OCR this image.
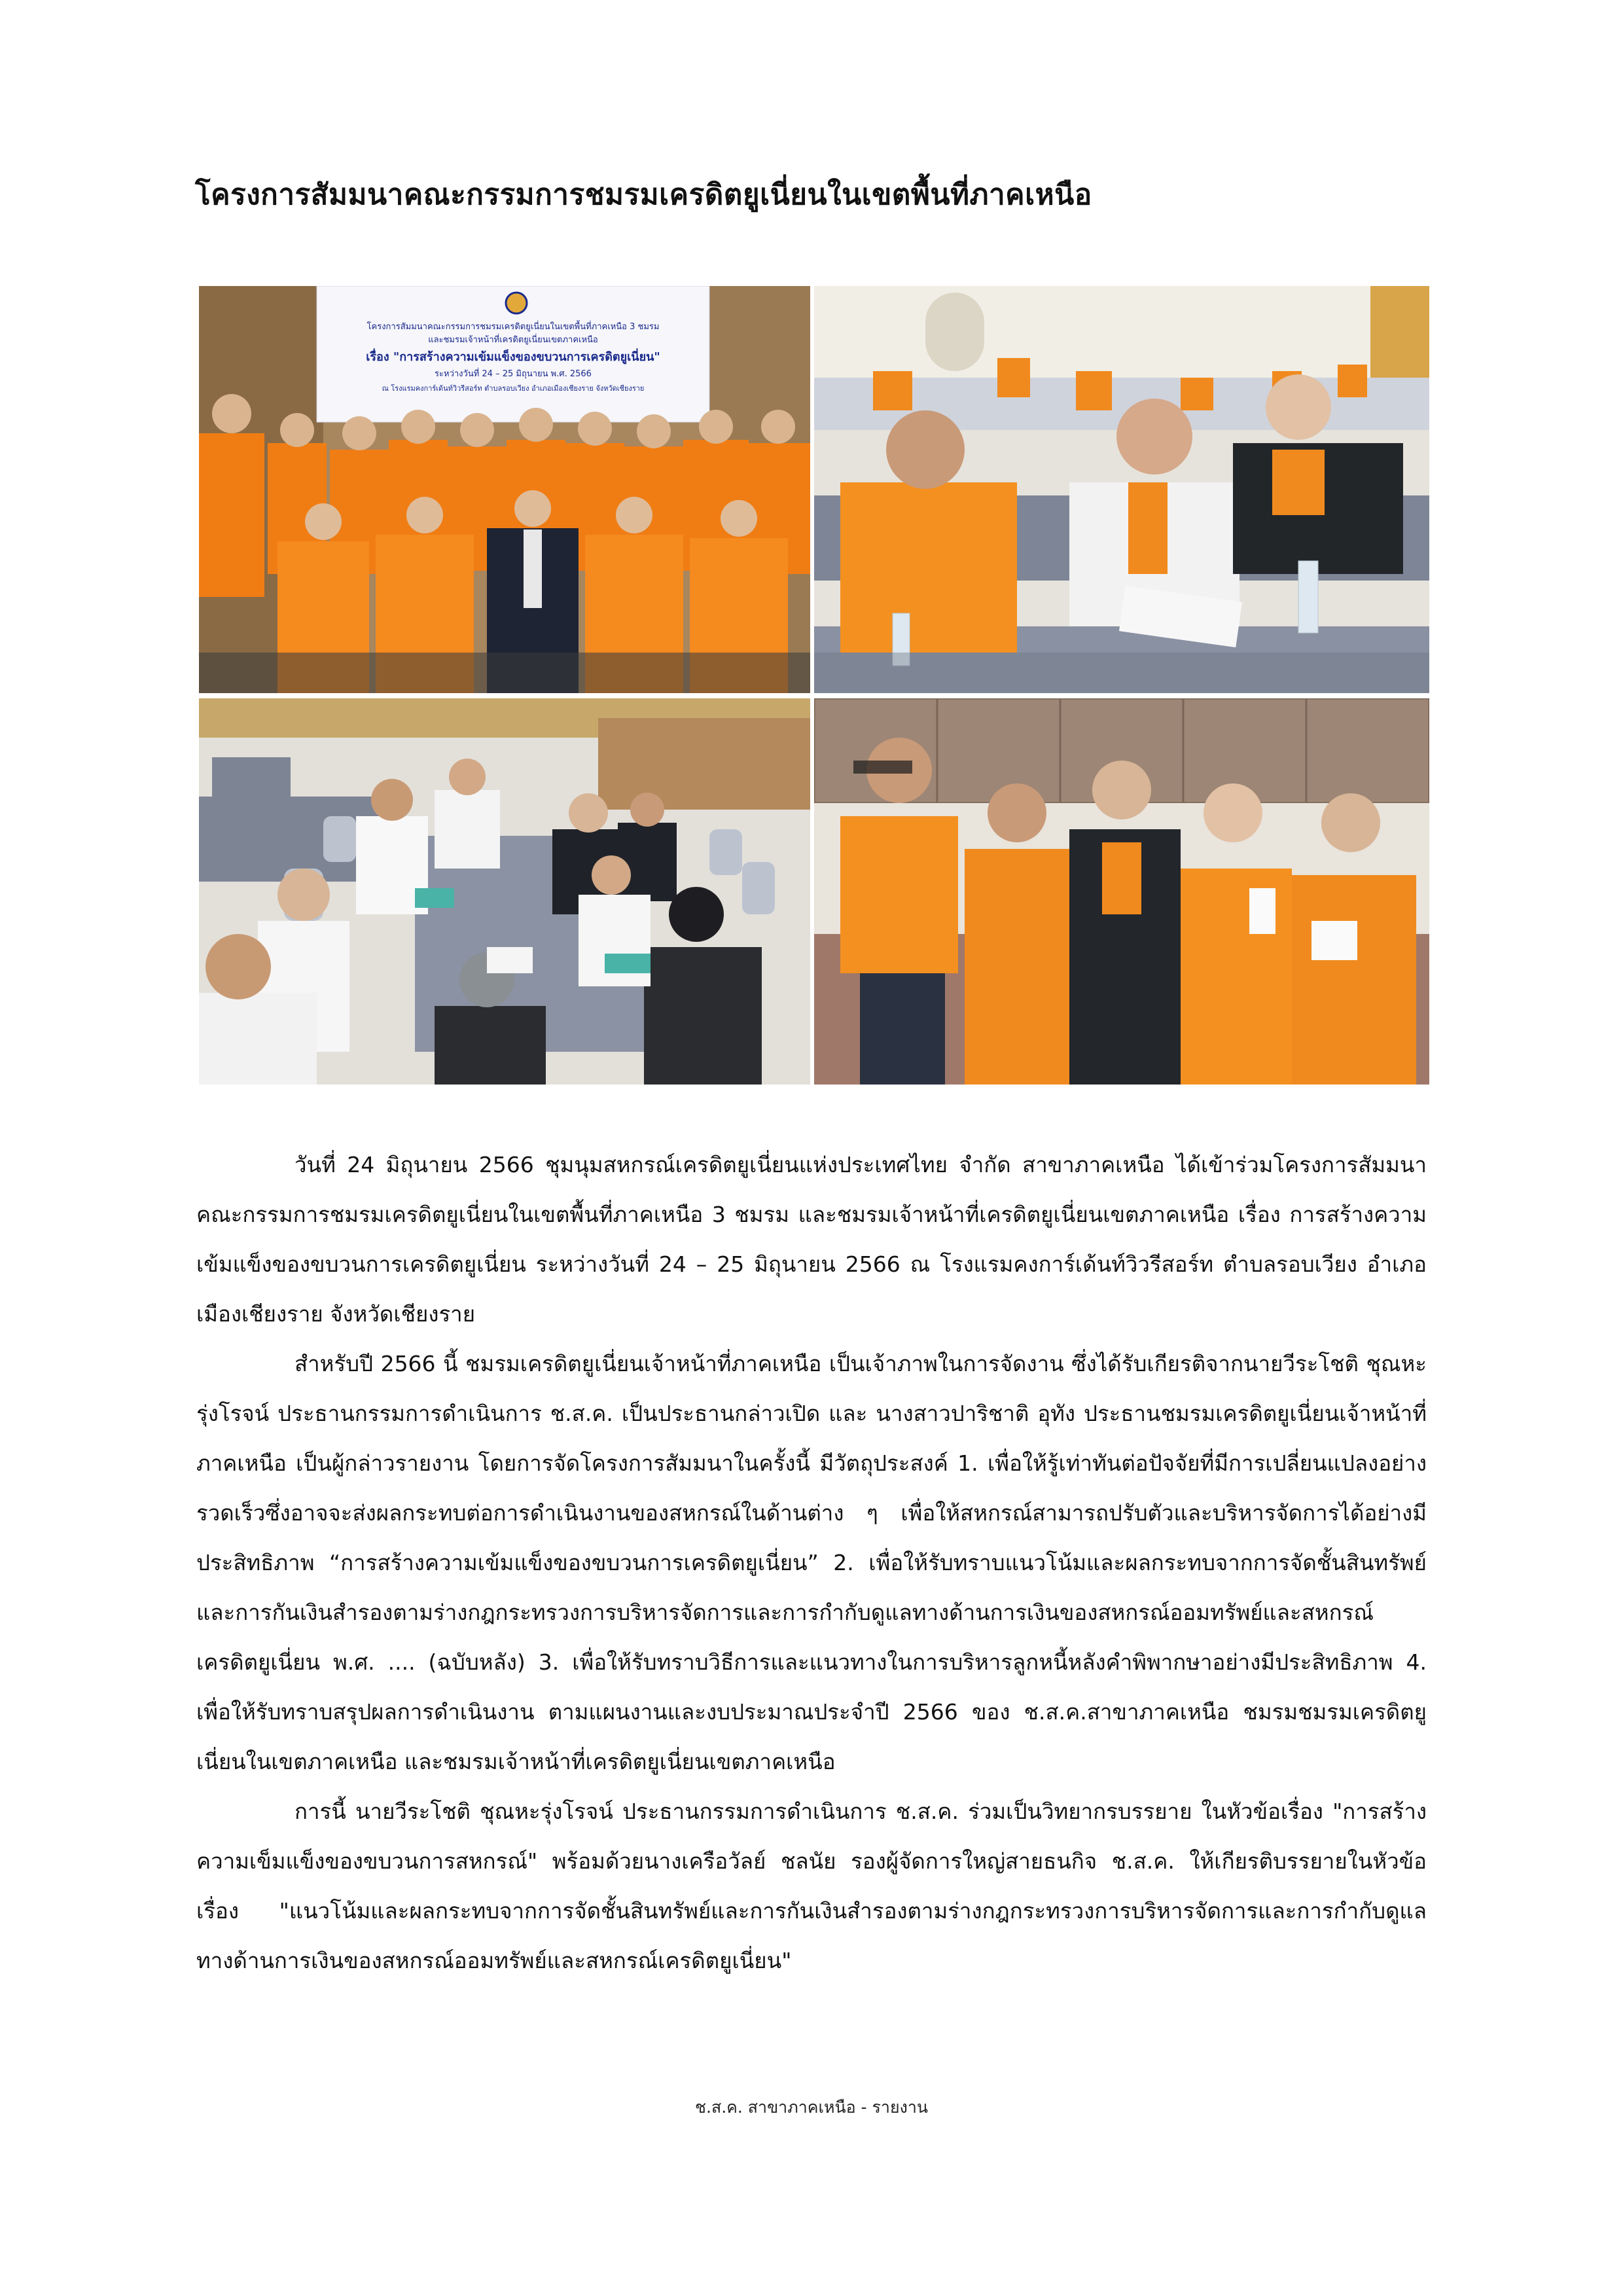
โครงการสัมมนาคณะกรรมการชมรมเครดิตยูเนี่ยนในเขตพื้นที่ภาคเหนือ
โครงการสัมมนาคณะกรรมการชมรมเครดิตยูเนี่ยนในเขตพื้นที่ภาคเหนือ 3 ชมรม
และชมรมเจ้าหน้าที่เครดิตยูเนี่ยนเขตภาคเหนือ
เรื่อง "การสร้างความเข้มแข็งของขบวนการเครดิตยูเนี่ยน"
ระหว่างวันที่ 24 – 25 มิถุนายน พ.ศ. 2566
ณ โรงแรมคงการ์เด้นท์วิวรีสอร์ท ตำบลรอบเวียง อำเภอเมืองเชียงราย จังหวัดเชียงราย

วันที่ 24 มิถุนายน 2566 ชุมนุมสหกรณ์เครดิตยูเนี่ยนแห่งประเทศไทย จำกัด สาขาภาคเหนือ ได้เข้าร่วมโครงการสัมมนาคณะกรรมการชมรมเครดิตยูเนี่ยนในเขตพื้นที่ภาคเหนือ 3 ชมรม และชมรมเจ้าหน้าที่เครดิตยูเนี่ยนเขตภาคเหนือ เรื่อง การสร้างความเข้มแข็งของขบวนการเครดิตยูเนี่ยน ระหว่างวันที่ 24 – 25 มิถุนายน 2566 ณ โรงแรมคงการ์เด้นท์วิวรีสอร์ท ตำบลรอบเวียง อำเภอเมืองเชียงราย จังหวัดเชียงราย

สำหรับปี 2566 นี้ ชมรมเครดิตยูเนี่ยนเจ้าหน้าที่ภาคเหนือ เป็นเจ้าภาพในการจัดงาน ซึ่งได้รับเกียรติจากนายวีระโชติ ชุณหะรุ่งโรจน์ ประธานกรรมการดำเนินการ ช.ส.ค. เป็นประธานกล่าวเปิด และ นางสาวปาริชาติ อุทัง ประธานชมรมเครดิตยูเนี่ยนเจ้าหน้าที่ภาคเหนือ เป็นผู้กล่าวรายงาน โดยการจัดโครงการสัมมนาในครั้งนี้ มีวัตถุประสงค์ 1. เพื่อให้รู้เท่าทันต่อปัจจัยที่มีการเปลี่ยนแปลงอย่างรวดเร็วซึ่งอาจจะส่งผลกระทบต่อการดำเนินงานของสหกรณ์ในด้านต่าง ๆ เพื่อให้สหกรณ์สามารถปรับตัวและบริหารจัดการได้อย่างมีประสิทธิภาพ “การสร้างความเข้มแข็งของขบวนการเครดิตยูเนี่ยน” 2. เพื่อให้รับทราบแนวโน้มและผลกระทบจากการจัดชั้นสินทรัพย์และการกันเงินสำรองตามร่างกฎกระทรวงการบริหารจัดการและการกำกับดูแลทางด้านการเงินของสหกรณ์ออมทรัพย์และสหกรณ์เครดิตยูเนี่ยน พ.ศ. .... (ฉบับหลัง) 3. เพื่อให้รับทราบวิธีการและแนวทางในการบริหารลูกหนี้หลังคำพิพากษาอย่างมีประสิทธิภาพ 4. เพื่อให้รับทราบสรุปผลการดำเนินงาน ตามแผนงานและงบประมาณประจำปี 2566 ของ ช.ส.ค.สาขาภาคเหนือ ชมรมชมรมเครดิตยูเนี่ยนในเขตภาคเหนือ และชมรมเจ้าหน้าที่เครดิตยูเนี่ยนเขตภาคเหนือ

การนี้ นายวีระโชติ ชุณหะรุ่งโรจน์ ประธานกรรมการดำเนินการ ช.ส.ค. ร่วมเป็นวิทยากรบรรยาย ในหัวข้อเรื่อง "การสร้างความเข็มแข็งของขบวนการสหกรณ์" พร้อมด้วยนางเครือวัลย์ ชลนัย รองผู้จัดการใหญ่สายธนกิจ ช.ส.ค. ให้เกียรติบรรยายในหัวข้อ เรื่อง "แนวโน้มและผลกระทบจากการจัดชั้นสินทรัพย์และการกันเงินสำรองตามร่างกฎกระทรวงการบริหารจัดการและการกำกับดูแลทางด้านการเงินของสหกรณ์ออมทรัพย์และสหกรณ์เครดิตยูเนี่ยน"

ช.ส.ค. สาขาภาคเหนือ - รายงาน
